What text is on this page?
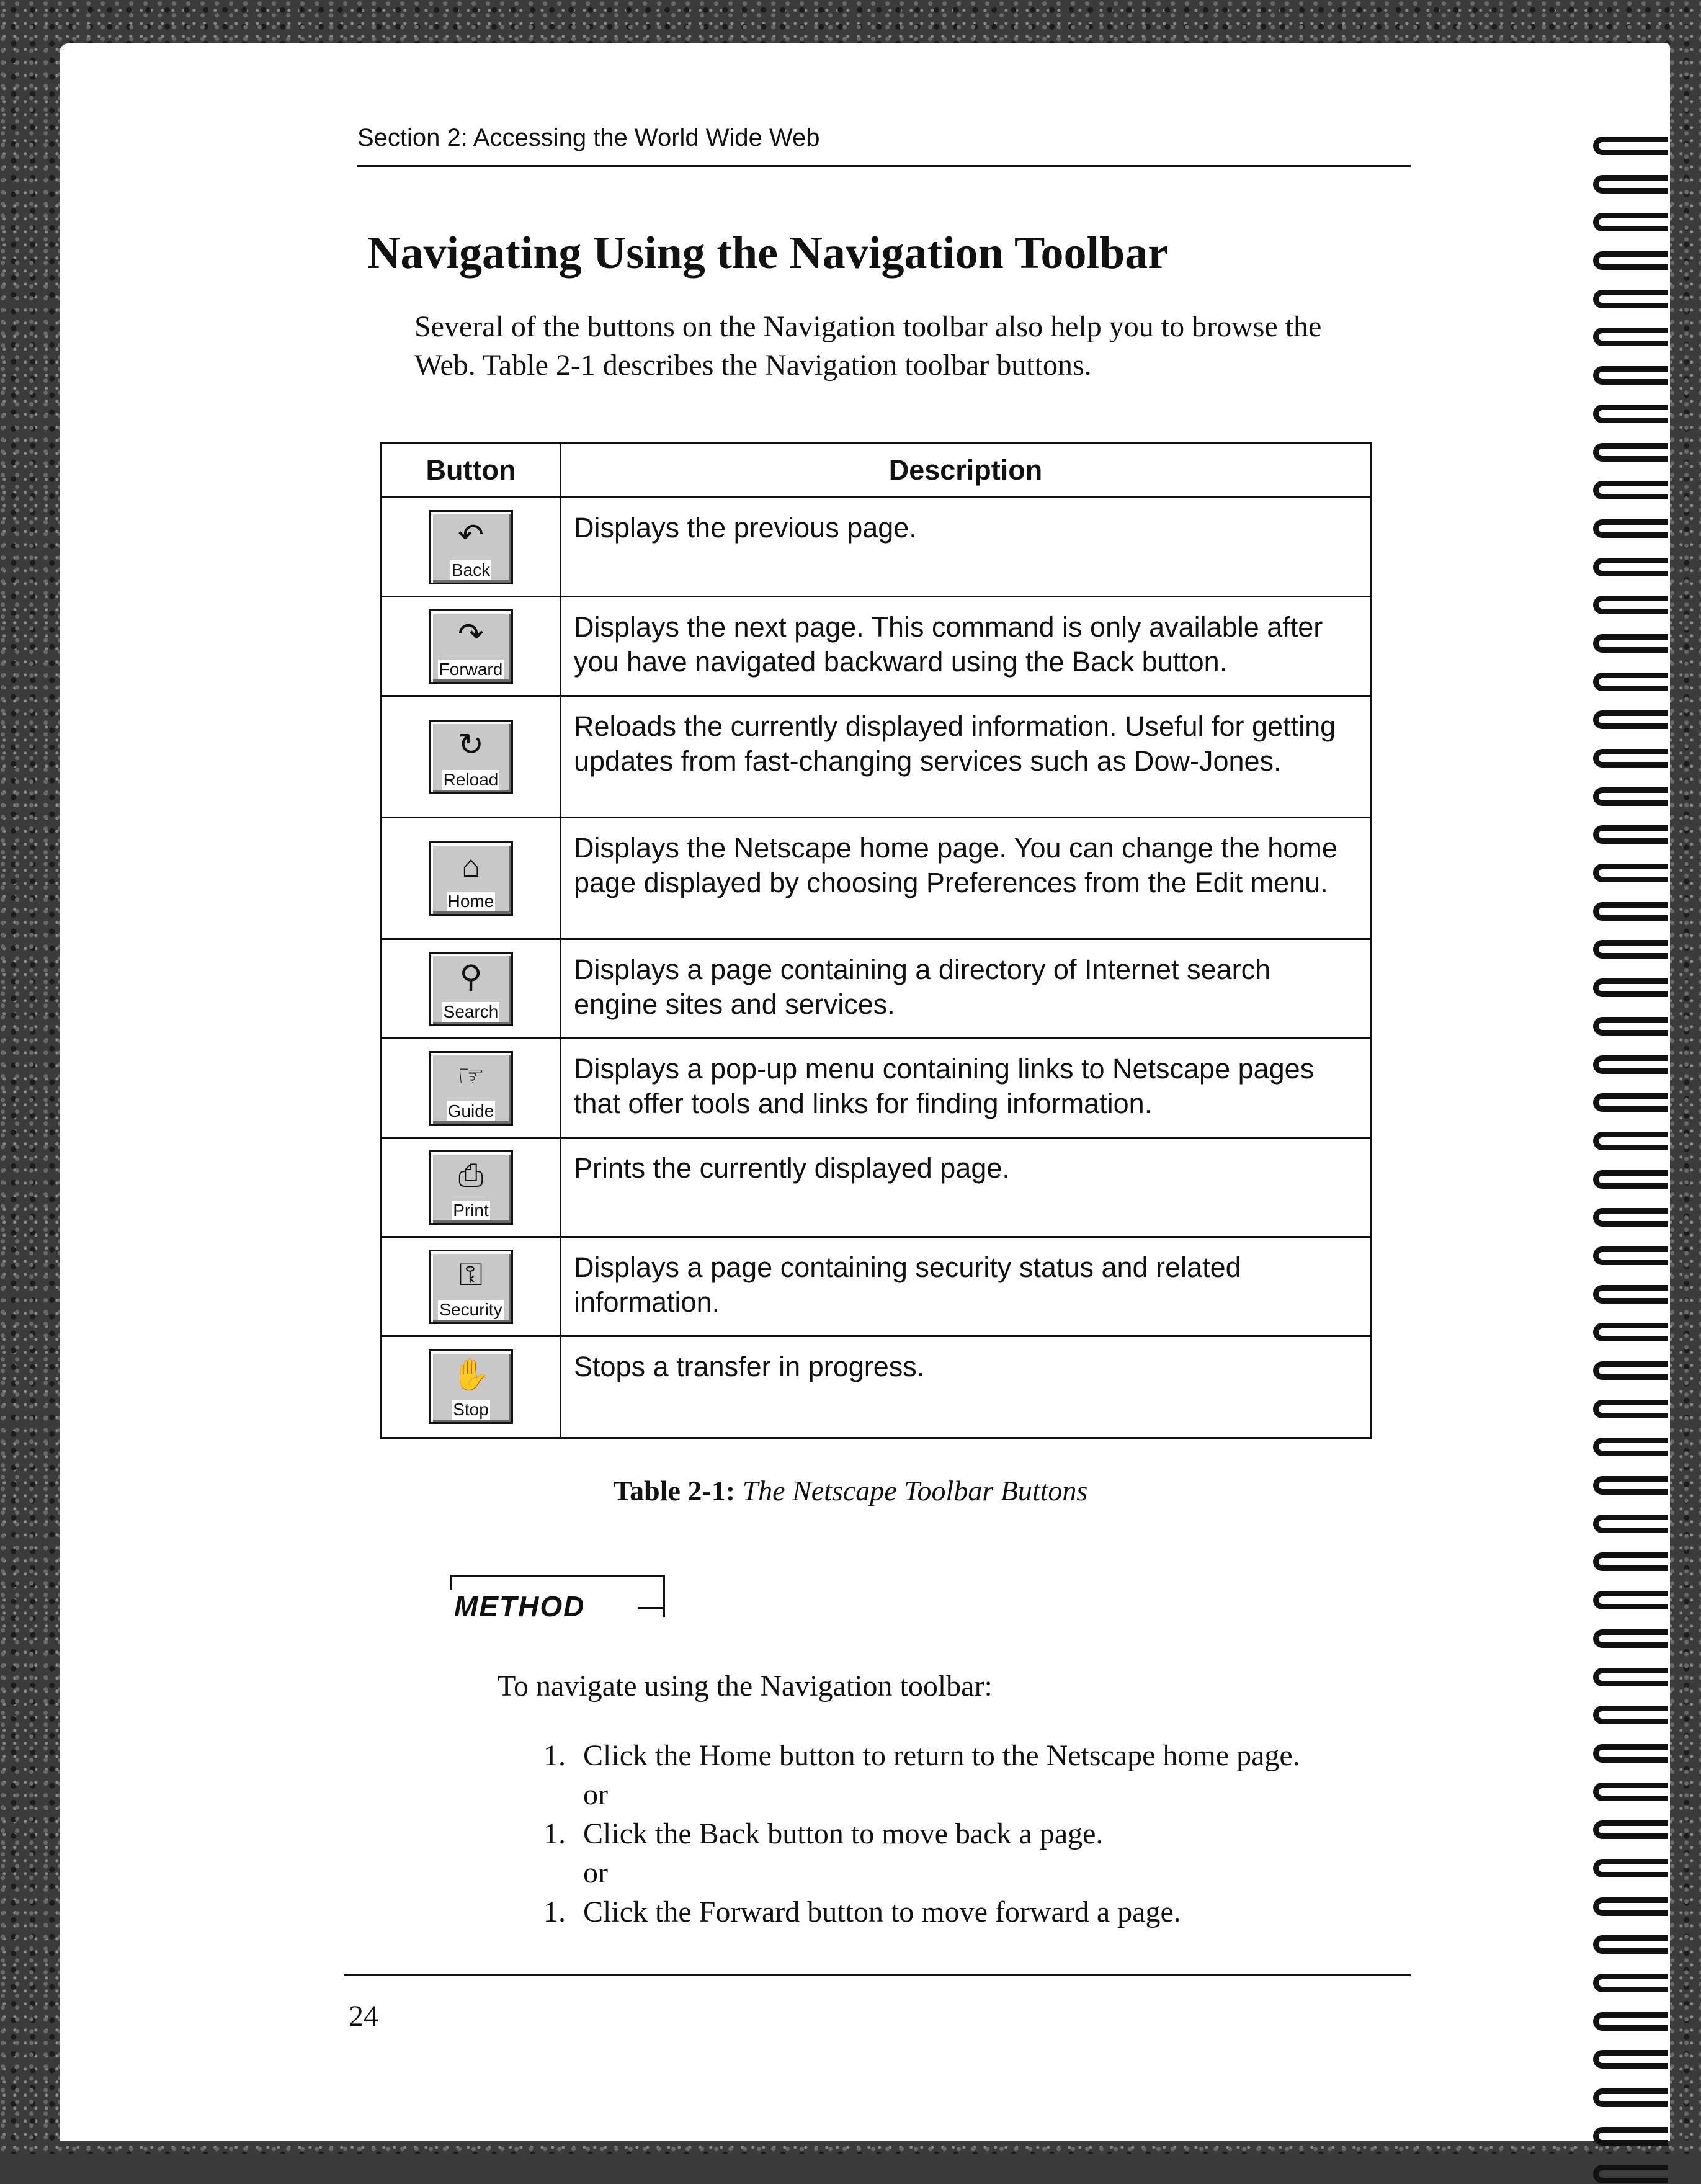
Section 2: Accessing the World Wide Web
Navigating Using the Navigation Toolbar
Several of the buttons on the Navigation toolbar also help you to browse the Web. Table 2-1 describes the Navigation toolbar buttons.
Button	Description

↶
Back	Displays the previous page.

↷
Forward	Displays the next page. This command is only available after you have navigated backward using the Back button.

↻
Reload	Reloads the currently displayed information. Useful for getting updates from fast-changing services such as Dow-Jones.

⌂
Home	Displays the Netscape home page. You can change the home page displayed by choosing Preferences from the Edit menu.

⚲
Search	Displays a page containing a directory of Internet search engine sites and services.

☞
Guide	Displays a pop-up menu containing links to Netscape pages that offer tools and links for finding information.

⎙
Print	Prints the currently displayed page.

⚿
Security	Displays a page containing security status and related information.

✋
Stop	Stops a transfer in progress.
Table 2-1: The Netscape Toolbar Buttons
METHOD
To navigate using the Navigation toolbar:
1. Click the Home button to return to the Netscape home page.
or
1. Click the Back button to move back a page.
or
1. Click the Forward button to move forward a page.
24
